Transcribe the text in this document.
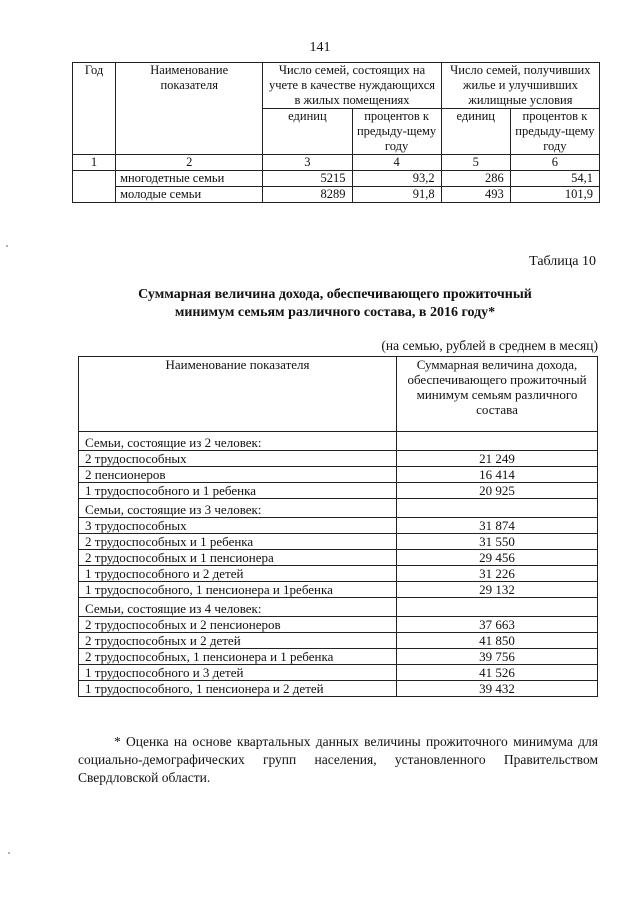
141
Год	Наименование показателя	Число семей, состоящих на учете в качестве нуждающихся в жилых помещениях		Число семей, получивших жилье и улучшивших жилищные условия	
		единиц	процентов к предыду-щему году	единиц	процентов к предыду-щему году
1	2	3	4	5	6
	многодетные семьи	5215	93,2	286	54,1
	молодые семьи	8289	91,8	493	101,9
Таблица 10
Суммарная величина дохода, обеспечивающего прожиточный минимум семьям различного состава, в 2016 году*
(на семью, рублей в среднем в месяц)
Наименование показателя	Суммарная величина дохода, обеспечивающего прожиточный минимум семьям различного состава
Семьи, состоящие из 2 человек:	
2 трудоспособных	21 249
2 пенсионеров	16 414
1 трудоспособного и 1 ребенка	20 925
Семьи, состоящие из 3 человек:	
3 трудоспособных	31 874
2 трудоспособных и 1 ребенка	31 550
2 трудоспособных и 1 пенсионера	29 456
1 трудоспособного и 2 детей	31 226
1 трудоспособного, 1 пенсионера и 1ребенка	29 132
Семьи, состоящие из 4 человек:	
2 трудоспособных и 2 пенсионеров	37 663
2 трудоспособных и 2 детей	41 850
2 трудоспособных, 1 пенсионера и 1 ребенка	39 756
1 трудоспособного и 3 детей	41 526
1 трудоспособного, 1 пенсионера и 2 детей	39 432
* Оценка на основе квартальных данных величины прожиточного минимума для социально-демографических групп населения, установленного Правительством Свердловской области.
